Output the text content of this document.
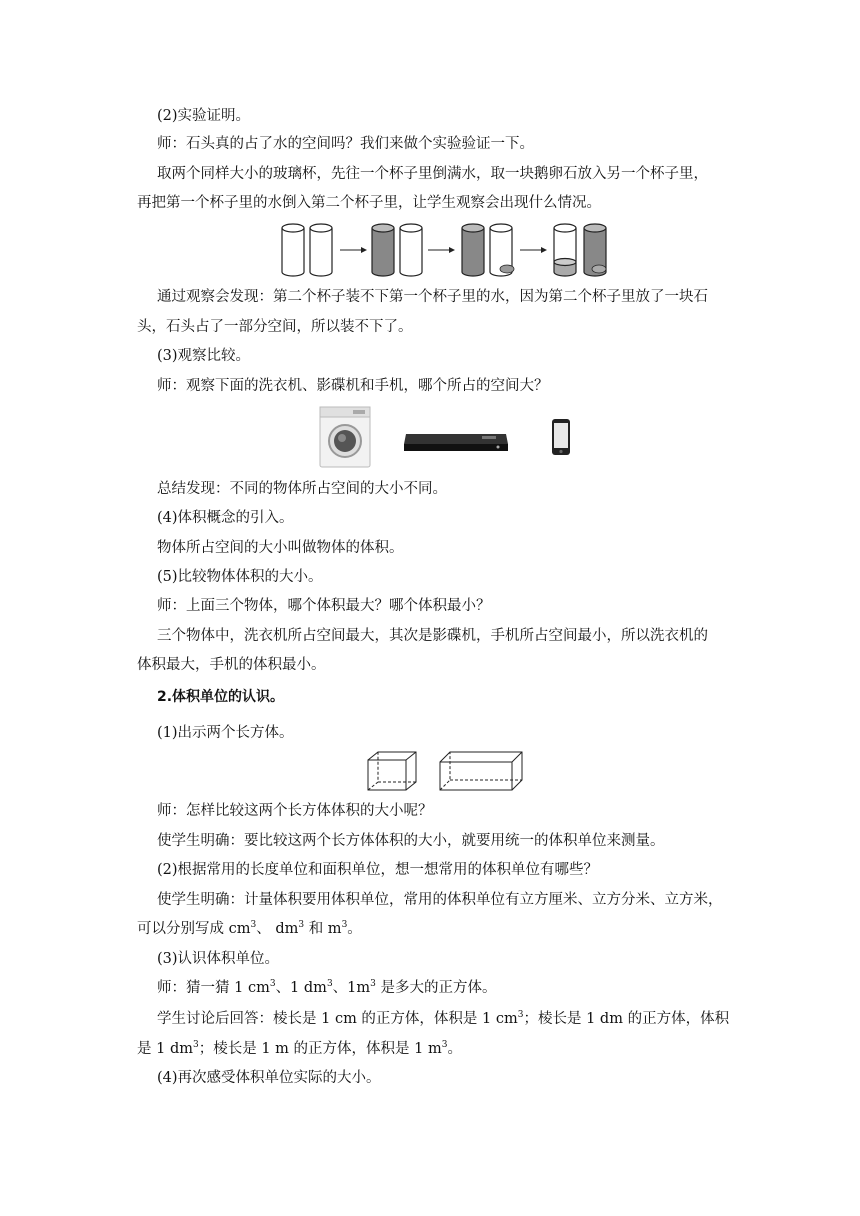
(2)实验证明。
师：石头真的占了水的空间吗？我们来做个实验验证一下。
取两个同样大小的玻璃杯，先往一个杯子里倒满水，取一块鹅卵石放入另一个杯子里，
再把第一个杯子里的水倒入第二个杯子里，让学生观察会出现什么情况。
通过观察会发现：第二个杯子装不下第一个杯子里的水，因为第二个杯子里放了一块石
头，石头占了一部分空间，所以装不下了。
(3)观察比较。
师：观察下面的洗衣机、影碟机和手机，哪个所占的空间大？
总结发现：不同的物体所占空间的大小不同。
(4)体积概念的引入。
物体所占空间的大小叫做物体的体积。
(5)比较物体体积的大小。
师：上面三个物体，哪个体积最大？哪个体积最小？
三个物体中，洗衣机所占空间最大，其次是影碟机，手机所占空间最小，所以洗衣机的
体积最大，手机的体积最小。
2.体积单位的认识。
(1)出示两个长方体。
师：怎样比较这两个长方体体积的大小呢？
使学生明确：要比较这两个长方体体积的大小，就要用统一的体积单位来测量。
(2)根据常用的长度单位和面积单位，想一想常用的体积单位有哪些？
使学生明确：计量体积要用体积单位，常用的体积单位有立方厘米、立方分米、立方米，
可以分别写成 $cm^3$、 $dm^3$ 和 $m^3$。
(3)认识体积单位。
师：猜一猜 1 $cm^3$、1 $dm^3$、$1m^3$ 是多大的正方体。
学生讨论后回答：棱长是 1 cm 的正方体，体积是 1 $cm^3$；棱长是 1 dm 的正方体，体积
是 1 $dm^3$；棱长是 1 m 的正方体，体积是 1 $m^3$。
(4)再次感受体积单位实际的大小。
